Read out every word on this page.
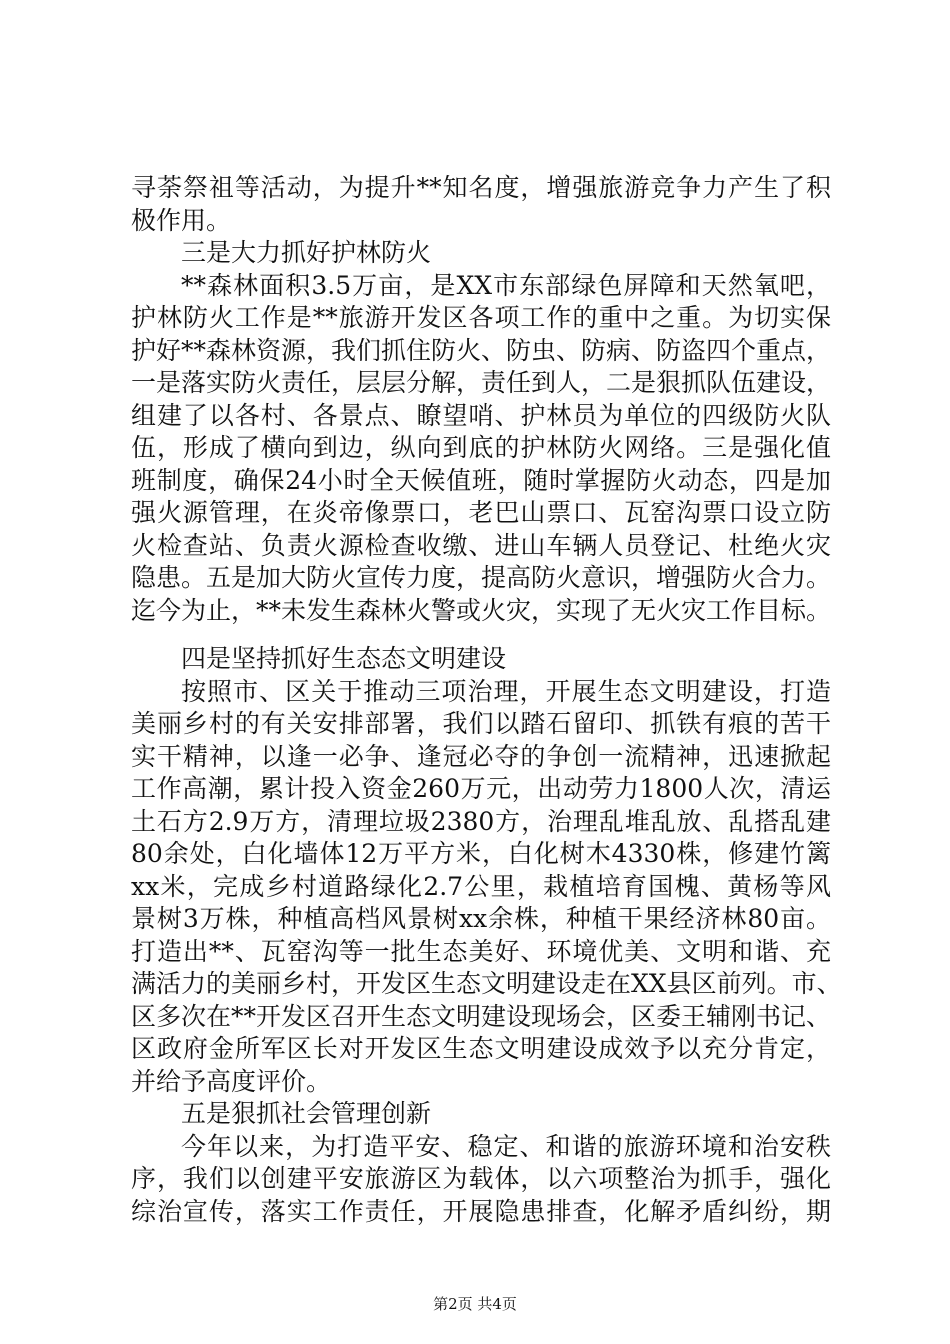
寻荼祭祖等活动，为提升**知名度，增强旅游竞争力产生了积
极作用。
三是大力抓好护林防火
**森林面积3.5万亩，是XX市东部绿色屏障和天然氧吧，
护林防火工作是**旅游开发区各项工作的重中之重。为切实保
护好**森林资源，我们抓住防火、防虫、防病、防盗四个重点，
一是落实防火责任，层层分解，责任到人，二是狠抓队伍建设，
组建了以各村、各景点、瞭望哨、护林员为单位的四级防火队
伍，形成了横向到边，纵向到底的护林防火网络。三是强化值
班制度，确保24小时全天候值班，随时掌握防火动态，四是加
强火源管理，在炎帝像票口，老巴山票口、瓦窑沟票口设立防
火检查站、负责火源检查收缴、进山车辆人员登记、杜绝火灾
隐患。五是加大防火宣传力度，提高防火意识，增强防火合力。
迄今为止，**未发生森林火警或火灾，实现了无火灾工作目标。
四是坚持抓好生态态文明建设
按照市、区关于推动三项治理，开展生态文明建设，打造
美丽乡村的有关安排部署，我们以踏石留印、抓铁有痕的苦干
实干精神，以逢一必争、逢冠必夺的争创一流精神，迅速掀起
工作高潮，累计投入资金260万元，出动劳力1800人次，清运
土石方2.9万方，清理垃圾2380方，治理乱堆乱放、乱搭乱建
80余处，白化墙体12万平方米，白化树木4330株，修建竹篱
xx米，完成乡村道路绿化2.7公里，栽植培育国槐、黄杨等风
景树3万株，种植高档风景树xx余株，种植干果经济林80亩。
打造出**、瓦窑沟等一批生态美好、环境优美、文明和谐、充
满活力的美丽乡村，开发区生态文明建设走在XX县区前列。市、
区多次在**开发区召开生态文明建设现场会，区委王辅刚书记、
区政府金所军区长对开发区生态文明建设成效予以充分肯定，
并给予高度评价。
五是狠抓社会管理创新
今年以来，为打造平安、稳定、和谐的旅游环境和治安秩
序，我们以创建平安旅游区为载体，以六项整治为抓手，强化
综治宣传，落实工作责任，开展隐患排查，化解矛盾纠纷，期
第2页 共4页
